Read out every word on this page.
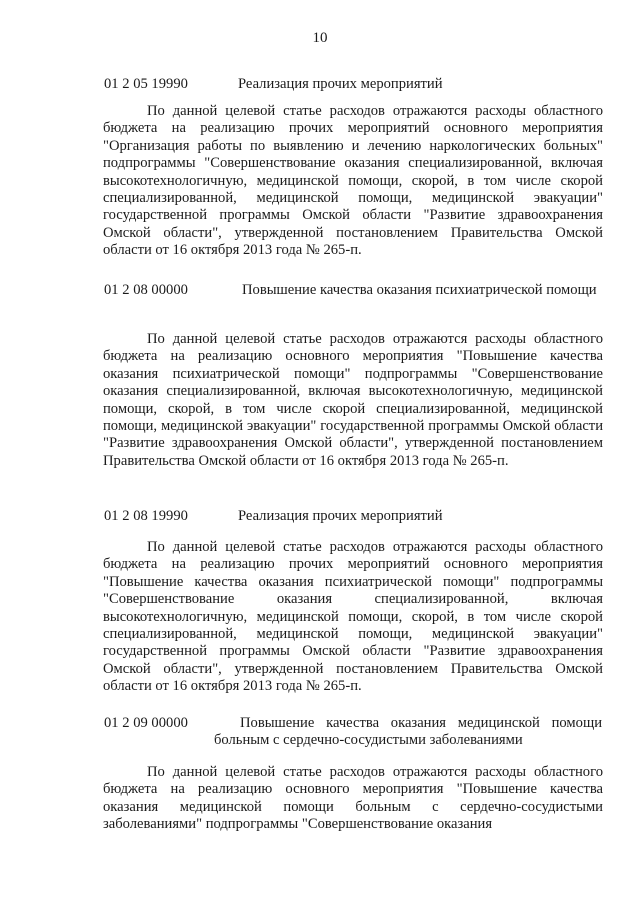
10
01 2 05 19990	Реализация прочих мероприятий

По данной целевой статье расходов отражаются расходы областного бюджета на реализацию прочих мероприятий основного мероприятия "Организация работы по выявлению и лечению наркологических больных" подпрограммы "Совершенствование оказания специализированной, включая высокотехнологичную, медицинской помощи, скорой, в том числе скорой специализированной, медицинской помощи, медицинской эвакуации" государственной программы Омской области "Развитие здравоохранения Омской области", утвержденной постановлением Правительства Омской области от 16 октября 2013 года № 265-п.

01 2 08 00000	Повышение качества оказания психиатрической помощи

По данной целевой статье расходов отражаются расходы областного бюджета на реализацию основного мероприятия "Повышение качества оказания психиатрической помощи" подпрограммы "Совершенствование оказания специализированной, включая высокотехнологичную, медицинской помощи, скорой, в том числе скорой специализированной, медицинской помощи, медицинской эвакуации" государственной программы Омской области "Развитие здравоохранения Омской области", утвержденной постановлением Правительства Омской области от 16 октября 2013 года № 265-п.

01 2 08 19990	Реализация прочих мероприятий

По данной целевой статье расходов отражаются расходы областного бюджета на реализацию прочих мероприятий основного мероприятия "Повышение качества оказания психиатрической помощи" подпрограммы "Совершенствование оказания специализированной, включая высокотехнологичную, медицинской помощи, скорой, в том числе скорой специализированной, медицинской помощи, медицинской эвакуации" государственной программы Омской области "Развитие здравоохранения Омской области", утвержденной постановлением Правительства Омской области от 16 октября 2013 года № 265-п.

01 2 09 00000	Повышение качества оказания медицинской помощи больным с сердечно-сосудистыми заболеваниями

По данной целевой статье расходов отражаются расходы областного бюджета на реализацию основного мероприятия "Повышение качества оказания медицинской помощи больным с сердечно-сосудистыми заболеваниями" подпрограммы "Совершенствование оказания
